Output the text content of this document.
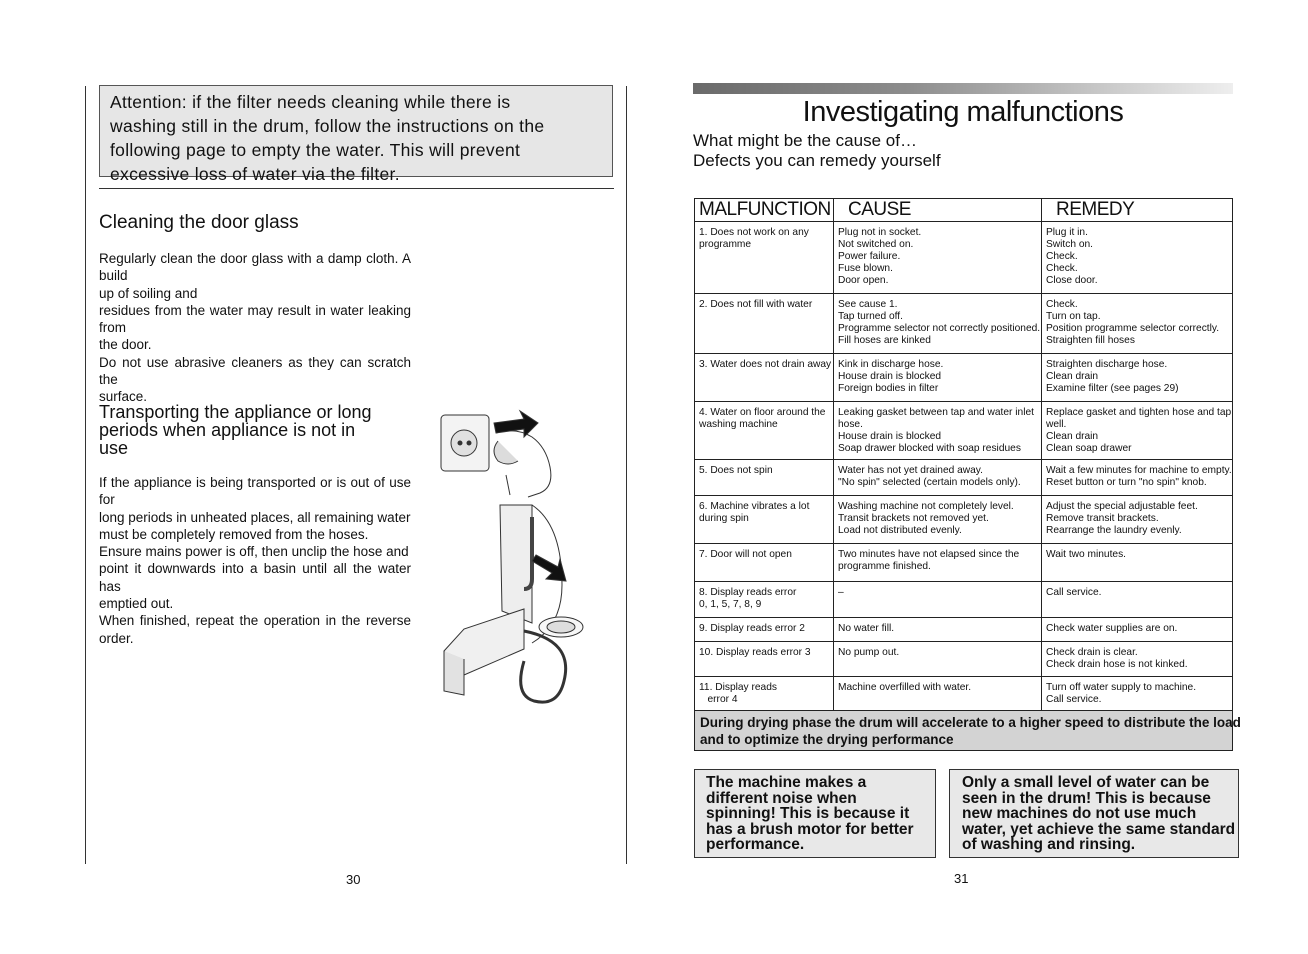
Attention: if the filter needs cleaning while there is
washing still in the drum, follow the instructions on the
following page to empty the water. This will prevent
excessive loss of water via the filter.
Cleaning the door glass
Regularly clean the door glass with a damp cloth. A build
up of soiling and
residues from the water may result in water leaking from
the door.
Do not use abrasive cleaners as they can scratch the
surface.
Transporting the appliance or long
periods when appliance is not in
use
If the appliance is being transported or is out of use for
long periods in unheated places, all remaining water
must be completely removed from the hoses.
Ensure mains power is off, then unclip the hose and
point it downwards into a basin until all the water has
emptied out.
When finished, repeat the operation in the reverse order.
30
Investigating malfunctions
What might be the cause of…
Defects you can remedy yourself
MALFUNCTION	CAUSE	REMEDY

1. Does not work on any
programme	Plug not in socket.
Not switched on.
Power failure.
Fuse blown.
Door open.	Plug it in.
Switch on.
Check.
Check.
Close door.

2. Does not fill with water	See cause 1.
Tap turned off.
Programme selector not correctly positioned.
Fill hoses are kinked	Check.
Turn on tap.
Position programme selector correctly.
Straighten fill hoses

3. Water does not drain away	Kink in discharge hose.
House drain is blocked
Foreign bodies in filter	Straighten discharge hose.
Clean drain
Examine filter (see pages 29)

4. Water on floor around the
washing machine	Leaking gasket between tap and water inlet
hose.
House drain is blocked
Soap drawer blocked with soap residues	Replace gasket and tighten hose and tap
well.
Clean drain
Clean soap drawer

5. Does not spin	Water has not yet drained away.
"No spin" selected (certain models only).	Wait a few minutes for machine to empty.
Reset button or turn "no spin" knob.

6. Machine vibrates a lot
during spin	Washing machine not completely level.
Transit brackets not removed yet.
Load not distributed evenly.	Adjust the special adjustable feet.
Remove transit brackets.
Rearrange the laundry evenly.

7. Door will not open	Two minutes have not elapsed since the
programme finished.	Wait two minutes.

8. Display reads error
0, 1, 5, 7, 8, 9	–	Call service.

9. Display reads error 2	No water fill.	Check water supplies are on.

10. Display reads error 3	No pump out.	Check drain is clear.
Check drain hose is not kinked.

11. Display reads
error 4	Machine overfilled with water.	Turn off water supply to machine.
Call service.

During drying phase the drum will accelerate to a higher speed to distribute the load
and to optimize the drying performance		
The machine makes a
different noise when
spinning! This is because it
has a brush motor for better
performance.
Only a small level of water can be
seen in the drum! This is because
new machines do not use much
water, yet achieve the same standard
of washing and rinsing.
31
